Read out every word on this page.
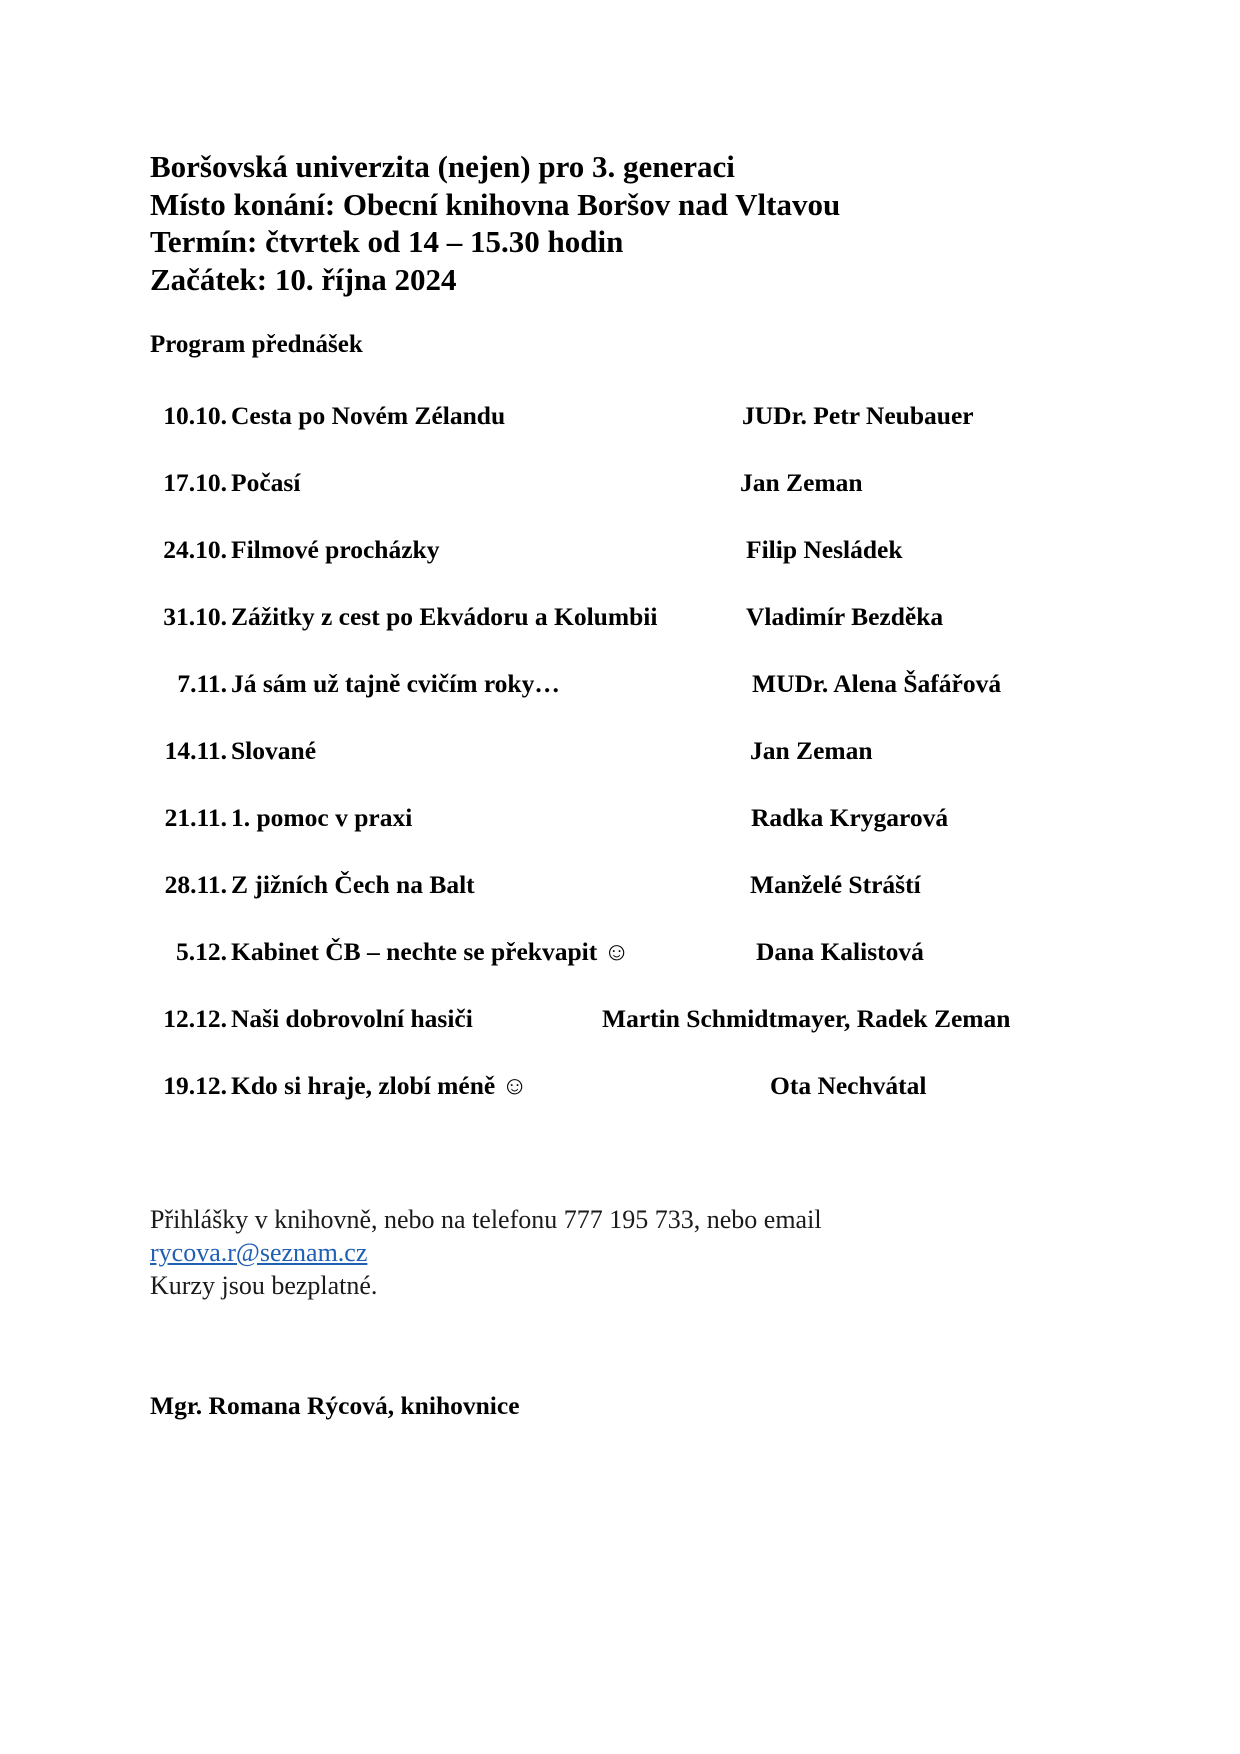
Boršovská univerzita (nejen) pro 3. generaci
Místo konání: Obecní knihovna Boršov nad Vltavou
Termín: čtvrtek od 14 – 15.30 hodin
Začátek: 10. října 2024
Program přednášek
10.10. Cesta po Novém Zélandu	JUDr. Petr Neubauer
17.10. Počasí	Jan Zeman
24.10. Filmové procházky	Filip Nesládek
31.10. Zážitky z cest po Ekvádoru a Kolumbii	Vladimír Bezděka
7.11. Já sám už tajně cvičím roky…	MUDr. Alena Šafářová
14.11. Slované	Jan Zeman
21.11. 1. pomoc v praxi	Radka Krygarová
28.11. Z jižních Čech na Balt	Manželé Stráští
5.12. Kabinet ČB – nechte se překvapit ☺	Dana Kalistová
12.12. Naši dobrovolní hasiči	Martin Schmidtmayer, Radek Zeman
19.12. Kdo si hraje, zlobí méně ☺	Ota Nechvátal
Přihlášky v knihovně, nebo na telefonu 777 195 733, nebo email
rycova.r@seznam.cz
Kurzy jsou bezplatné.
Mgr. Romana Rýcová, knihovnice
